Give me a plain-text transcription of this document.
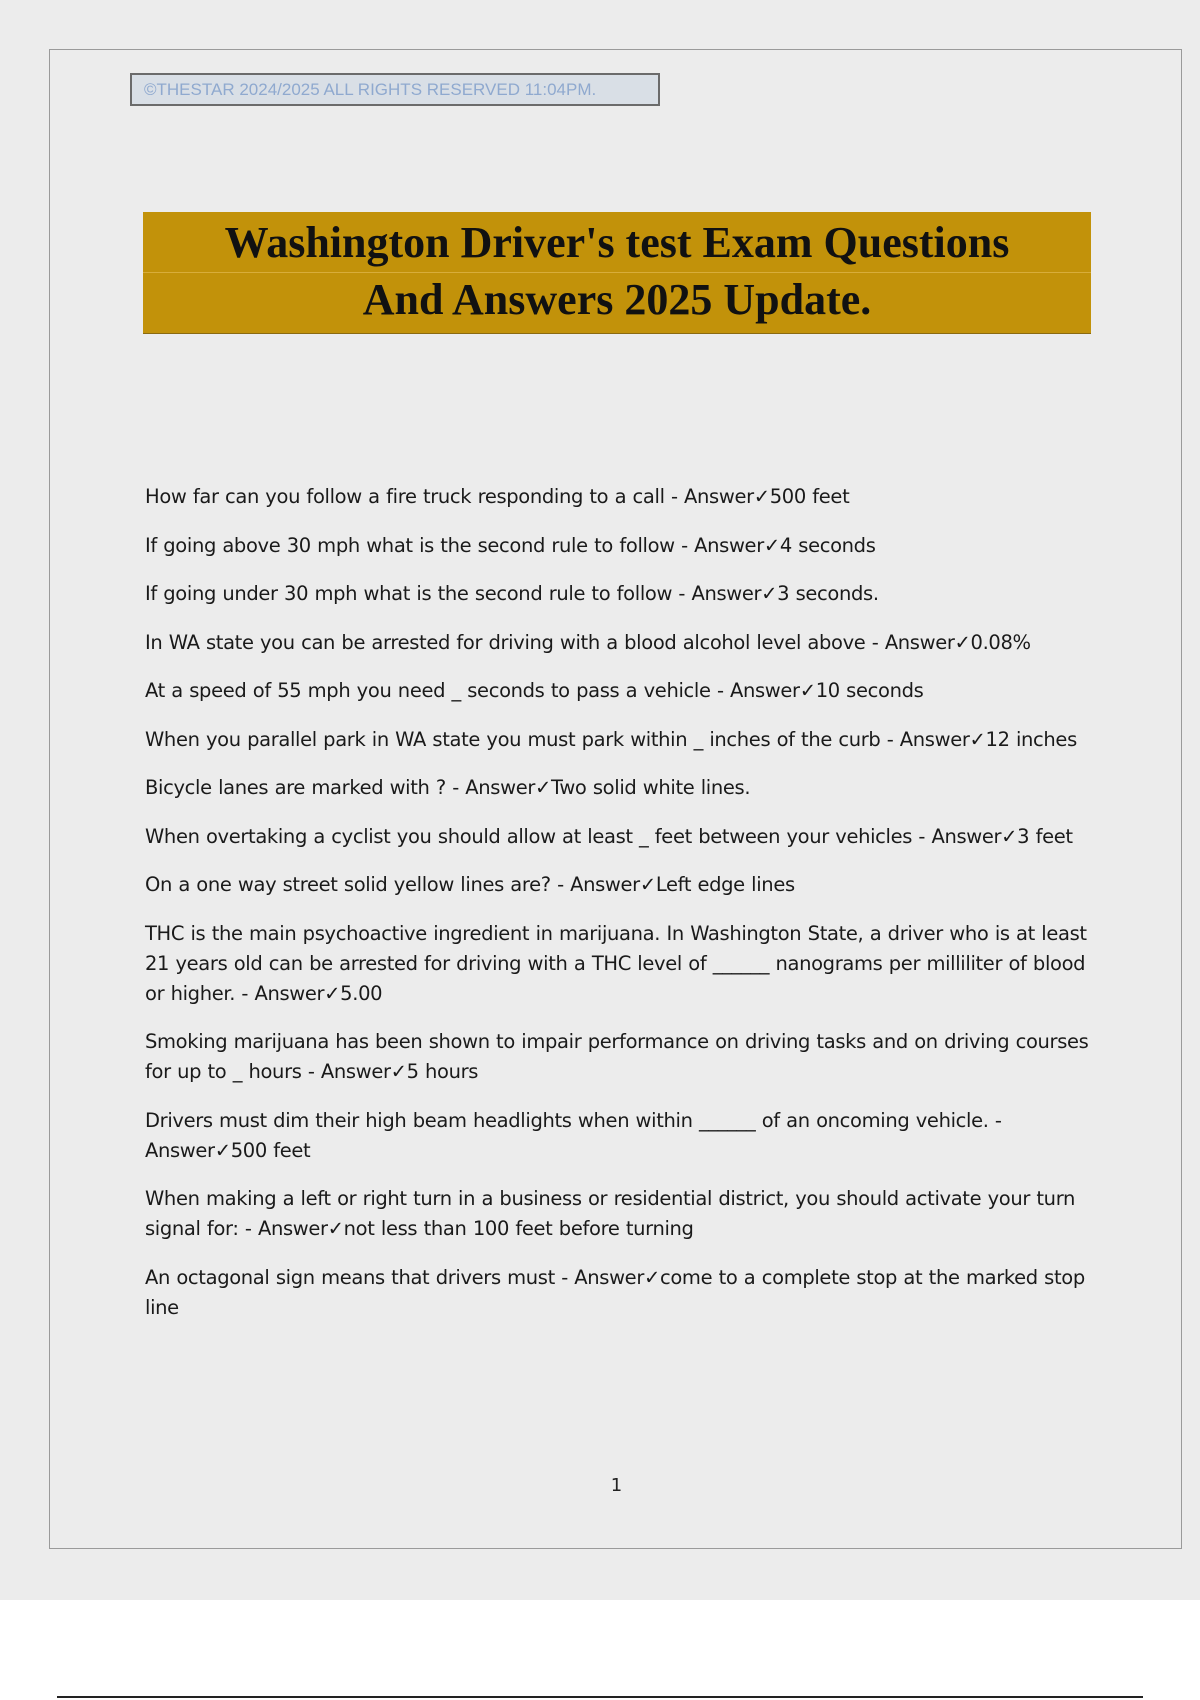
©THESTAR 2024/2025 ALL RIGHTS RESERVED 11:04PM.
Washington Driver's test Exam Questions
And Answers 2025 Update.
How far can you follow a fire truck responding to a call - Answer✓500 feet
If going above 30 mph what is the second rule to follow - Answer✓4 seconds
If going under 30 mph what is the second rule to follow - Answer✓3 seconds.
In WA state you can be arrested for driving with a blood alcohol level above - Answer✓0.08%
At a speed of 55 mph you need _ seconds to pass a vehicle - Answer✓10 seconds
When you parallel park in WA state you must park within _ inches of the curb - Answer✓12 inches
Bicycle lanes are marked with ? - Answer✓Two solid white lines.
When overtaking a cyclist you should allow at least _ feet between your vehicles - Answer✓3 feet
On a one way street solid yellow lines are? - Answer✓Left edge lines
THC is the main psychoactive ingredient in marijuana. In Washington State, a driver who is at least 21 years old can be arrested for driving with a THC level of ______ nanograms per milliliter of blood or higher. - Answer✓5.00
Smoking marijuana has been shown to impair performance on driving tasks and on driving courses for up to _ hours - Answer✓5 hours
Drivers must dim their high beam headlights when within ______ of an oncoming vehicle. - Answer✓500 feet
When making a left or right turn in a business or residential district, you should activate your turn signal for: - Answer✓not less than 100 feet before turning
An octagonal sign means that drivers must - Answer✓come to a complete stop at the marked stop line
1
